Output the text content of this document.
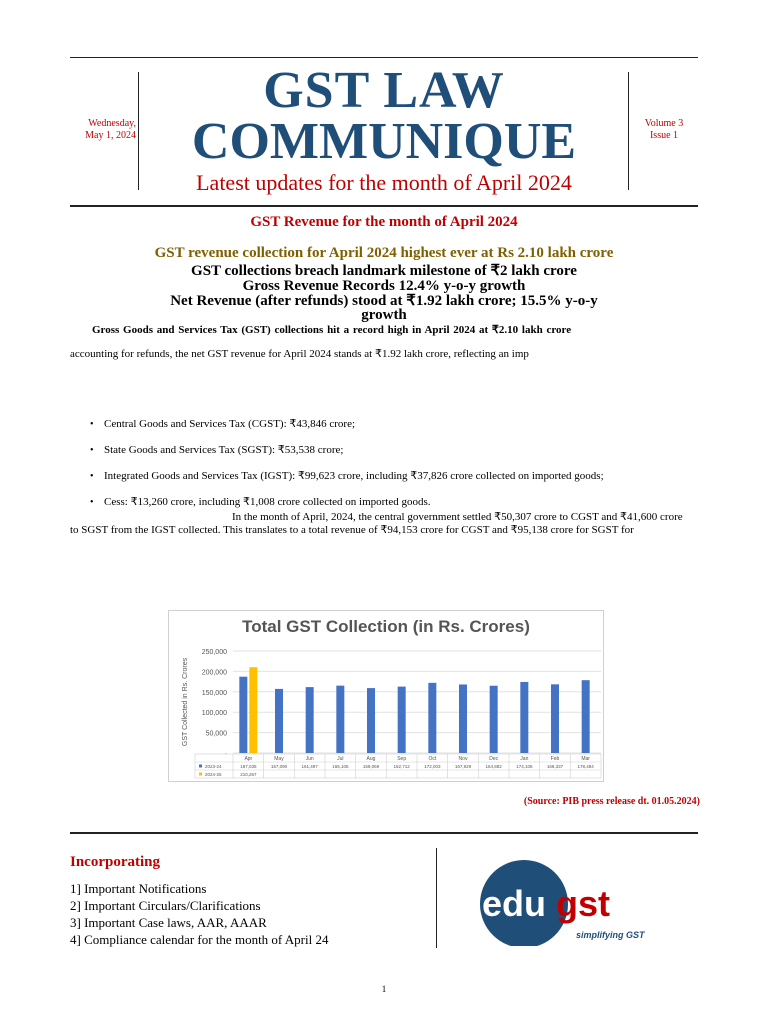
Wednesday,
May 1, 2024
Volume 3
Issue 1
GST LAW
COMMUNIQUE
Latest updates for the month of April 2024
GST Revenue for the month of April 2024
GST revenue collection for April 2024 highest ever at Rs 2.10 lakh crore
GST collections breach landmark milestone of ₹2 lakh crore
Gross Revenue Records 12.4% y-o-y growth
Net Revenue (after refunds) stood at ₹1.92 lakh crore; 15.5% y-o-y
growth
Gross Goods and Services Tax (GST) collections hit a record high in April 2024 at ₹2.10 lakh crore
accounting for refunds, the net GST revenue for April 2024 stands at ₹1.92 lakh crore, reflecting an imp
• Central Goods and Services Tax (CGST): ₹43,846 crore;
• State Goods and Services Tax (SGST): ₹53,538 crore;
• Integrated Goods and Services Tax (IGST): ₹99,623 crore, including ₹37,826 crore collected on imported goods;
• Cess: ₹13,260 crore, including ₹1,008 crore collected on imported goods.
In the month of April, 2024, the central government settled ₹50,307 crore to CGST and ₹41,600 crore
to SGST from the IGST collected. This translates to a total revenue of ₹94,153 crore for CGST and ₹95,138 crore for SGST for
Total GST Collection (in Rs. Crores)
250,000
200,000
150,000
100,000
50,000
-
GST Collected in Rs. Crores
Apr
187,035
210,267
May
157,090
Jun
161,497
Jul
165,105
Aug
159,069
Sep
162,712
Oct
172,003
Nov
167,929
Dec
164,882
Jan
174,106
Feb
168,337
Mar
178,484
2023-24
2024-25
(Source: PIB press release dt. 01.05.2024)
Incorporating
1] Important Notifications
2] Important Circulars/Clarifications
3] Important Case laws, AAR, AAAR
4] Compliance calendar for the month of April 24
edu gst
simplifying GST
1
